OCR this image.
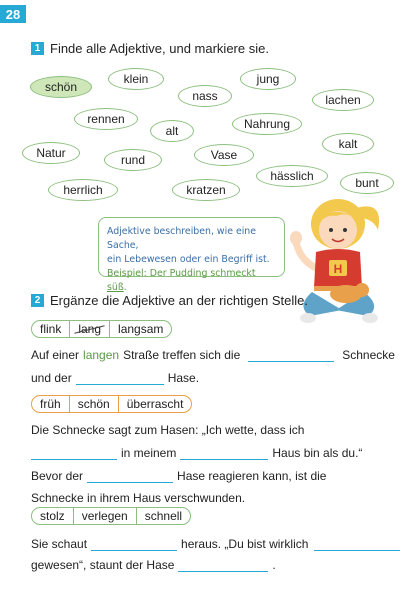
28
1 Finde alle Adjektive, und markiere sie.
schön
klein	jung
nass	lachen
rennen
alt	Nahrung
kalt
Natur	rund	Vase
hässlich	bunt
herrlich	kratzen
Adjektive beschreiben, wie eine Sache,
ein Lebewesen oder ein Begriff ist.
Beispiel: Der Pudding schmeckt süß.
H
2 Ergänze die Adjektive an der richtigen Stelle.
flink	lang	langsam
Auf einer langen Straße treffen sich die	Schnecke
und der	Hase.
früh	schön	überrascht
Die Schnecke sagt zum Hasen: „Ich wette, dass ich
in meinem	Haus bin als du.“
Bevor der	Hase reagieren kann, ist die
Schnecke in ihrem Haus verschwunden.
stolz	verlegen	schnell
Sie schaut	heraus. „Du bist wirklich
gewesen“, staunt der Hase	.
